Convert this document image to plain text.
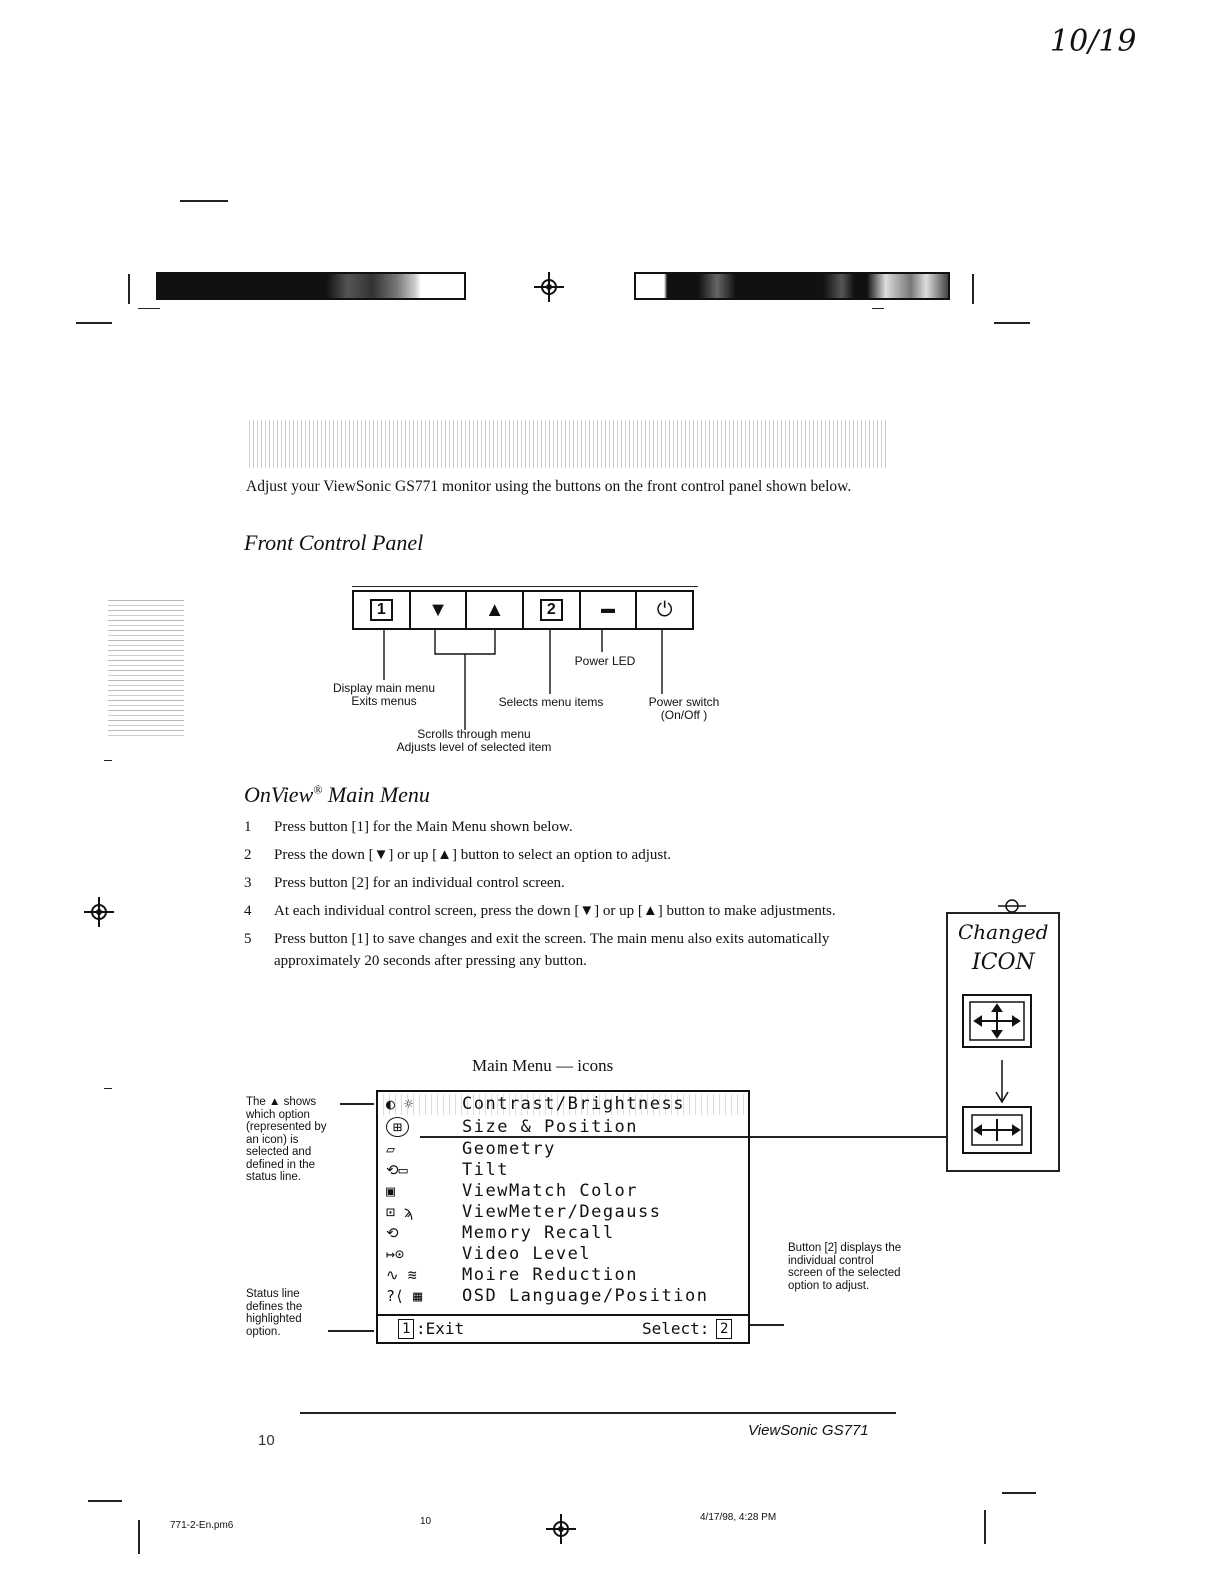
10/19
Adjust your ViewSonic GS771 monitor using the buttons on the front control panel shown below.
Front Control Panel
1	▼ ▲	2	▬ ⏻
Display main menu
Exits menus	Selects menu items
Power LED
Power switch
(On/Off )
Scrolls through menu
Adjusts level of selected item
OnView® Main Menu
1 Press button [1] for the Main Menu shown below.
2 Press the down [▼] or up [▲] button to select an option to adjust.
3 Press button [2] for an individual control screen.
4 At each individual control screen, press the down [▼] or up [▲] button to make adjustments.
5 Press button [1] to save changes and exit the screen. The main menu also exits automatically approximately 20 seconds after pressing any button.
Changed
ICON
Main Menu — icons
◐ ☼	Contrast/Brightness
⊞	Size & Position
▱	Geometry
⟲▭	Tilt
▣	ViewMatch Color
⊡ ϡ	ViewMeter/Degauss
⟲	Memory Recall
↦⊙	Video Level
∿ ≋	Moire Reduction
?⟨ ▦	OSD Language/Position
1 :Exit	Select: 2
The ▲ shows which option (represented by an icon) is selected and defined in the status line.
Status line defines the highlighted option.
Button [2] displays the individual control screen of the selected option to adjust.
10
ViewSonic GS771
771-2-En.pm6	10	4/17/98, 4:28 PM
